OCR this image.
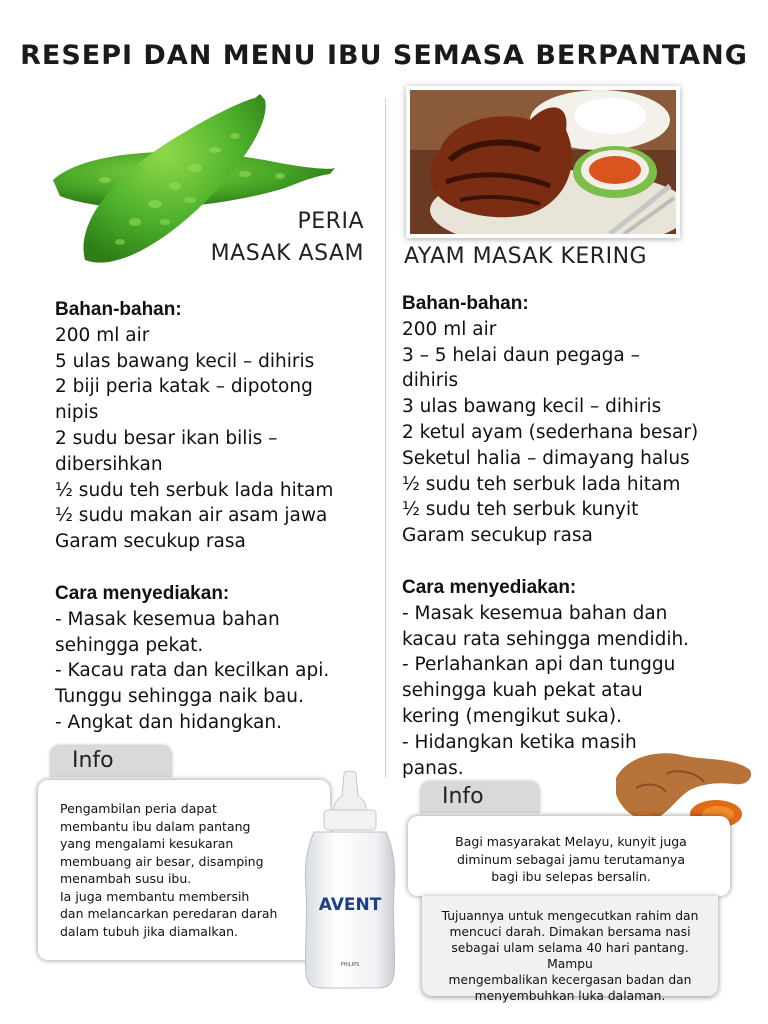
RESEPI DAN MENU IBU SEMASA BERPANTANG
PERIA
MASAK ASAM
Bahan-bahan:
200 ml air
5 ulas bawang kecil – dihiris
2 biji peria katak – dipotong
nipis
2 sudu besar ikan bilis –
dibersihkan
½ sudu teh serbuk lada hitam
½ sudu makan air asam jawa
Garam secukup rasa
Cara menyediakan:
- Masak kesemua bahan
sehingga pekat.
- Kacau rata dan kecilkan api.
Tunggu sehingga naik bau.
- Angkat dan hidangkan.
AYAM MASAK KERING
Bahan-bahan:
200 ml air
3 – 5 helai daun pegaga –
dihiris
3 ulas bawang kecil – dihiris
2 ketul ayam (sederhana besar)
Seketul halia – dimayang halus
½ sudu teh serbuk lada hitam
½ sudu teh serbuk kunyit
Garam secukup rasa
Cara menyediakan:
- Masak kesemua bahan dan
kacau rata sehingga mendidih.
- Perlahankan api dan tunggu
sehingga kuah pekat atau
kering (mengikut suka).
- Hidangkan ketika masih
panas.
Info
Pengambilan peria dapat
membantu ibu dalam pantang
yang mengalami kesukaran
membuang air besar, disamping
menambah susu ibu.
Ia juga membantu membersih
dan melancarkan peredaran darah
dalam tubuh jika diamalkan.
AVENT
PHILIPS
Info
Bagi masyarakat Melayu, kunyit juga
diminum sebagai jamu terutamanya
bagi ibu selepas bersalin.
Tujuannya untuk mengecutkan rahim dan
mencuci darah. Dimakan bersama nasi
sebagai ulam selama 40 hari pantang. Mampu
mengembalikan kecergasan badan dan
menyembuhkan luka dalaman.
